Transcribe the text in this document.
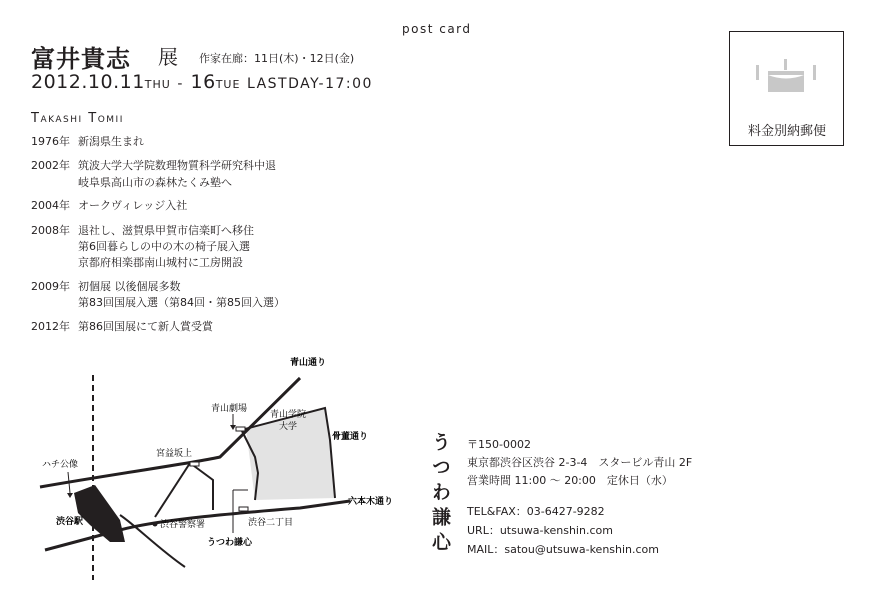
post card
富井貴志 展 作家在廊：11日(木)・12日(金)
2012.10.11THU - 16TUE LASTDAY-17:00
Takashi Tomii
1976年 新潟県生まれ
2002年 筑波大学大学院数理物質科学研究科中退
岐阜県高山市の森林たくみ塾へ
2004年 オークヴィレッジ入社
2008年 退社し、滋賀県甲賀市信楽町へ移住
第6回暮らしの中の木の椅子展入選
京都府相楽郡南山城村に工房開設
2009年 初個展 以後個展多数
第83回国展入選（第84回・第85回入選）
2012年 第86回国展にて新人賞受賞
料金別納郵便
青山通り
青山劇場
青山学院
大学
骨董通り
宮益坂上
ハチ公像
六本木通り
渋谷駅	渋谷警察署	渋谷二丁目
うつわ謙心	うつわ謙心 〒150-0002
東京都渋谷区渋谷 2-3-4　スタービル青山 2F
営業時間 11:00 ～ 20:00　定休日（水）
TEL&FAX：03-6427-9282
URL：utsuwa-kenshin.com
MAIL：satou@utsuwa-kenshin.com
